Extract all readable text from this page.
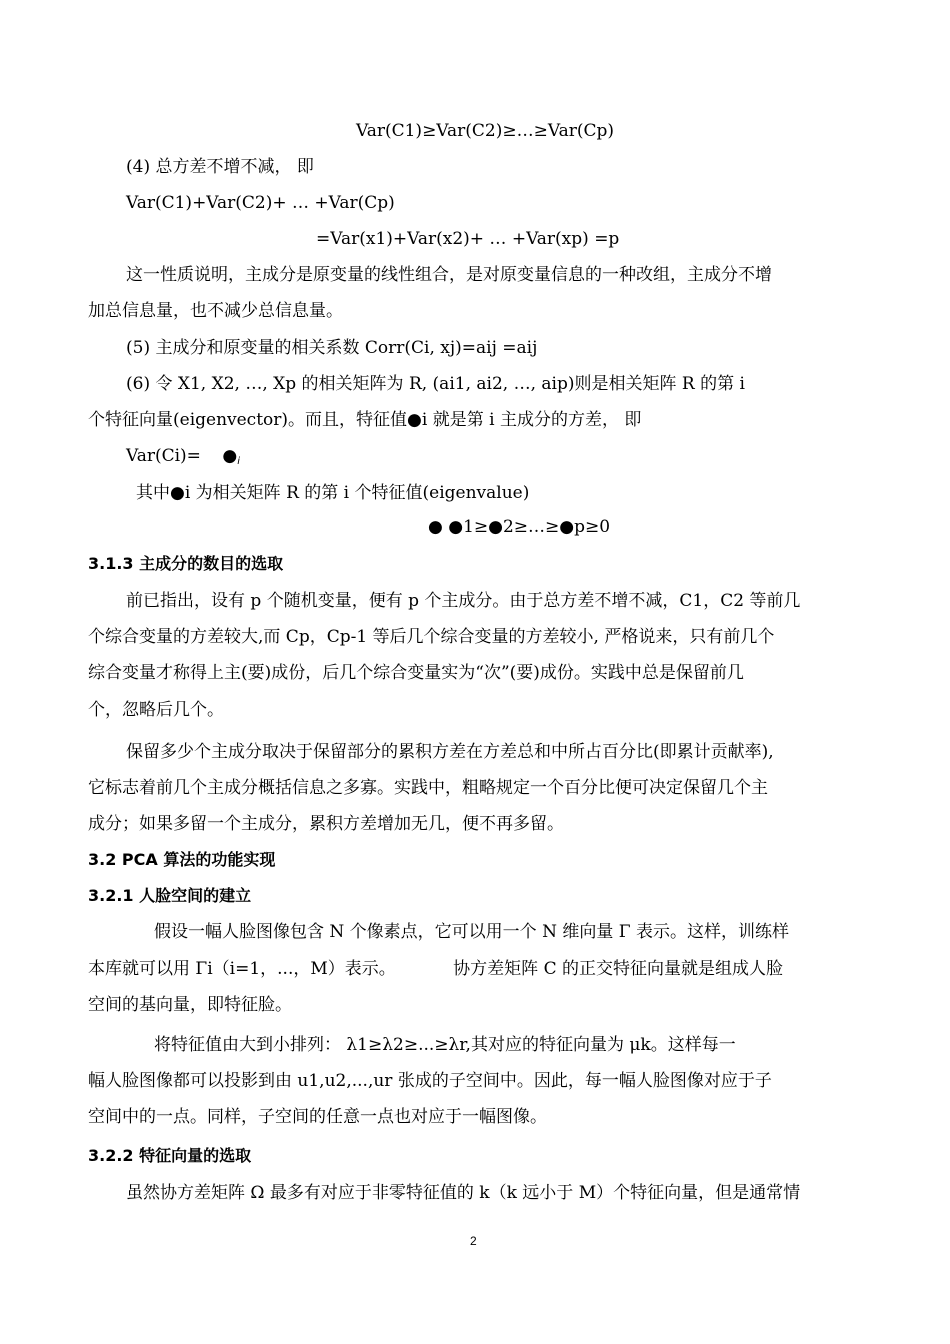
Var(C1)≥Var(C2)≥…≥Var(Cp)
(4) 总方差不增不减， 即
Var(C1)+Var(C2)+ … +Var(Cp)
=Var(x1)+Var(x2)+ … +Var(xp) =p
这一性质说明，主成分是原变量的线性组合，是对原变量信息的一种改组，主成分不增
加总信息量，也不减少总信息量。
(5) 主成分和原变量的相关系数 Corr(Ci, xj)=aij =aij
(6) 令 X1, X2, …, Xp 的相关矩阵为 R, (ai1, ai2, …, aip)则是相关矩阵 R 的第 i
个特征向量(eigenvector)。而且，特征值●i 就是第 i 主成分的方差， 即
$Var(Ci)= ●_i$
其中●i 为相关矩阵 R 的第 i 个特征值(eigenvalue)
● ●1≥●2≥…≥●p≥0
3.1.3 主成分的数目的选取
前已指出，设有 p 个随机变量，便有 p 个主成分。由于总方差不增不减，C1，C2 等前几
个综合变量的方差较大,而 Cp，Cp-1 等后几个综合变量的方差较小, 严格说来，只有前几个
综合变量才称得上主(要)成份，后几个综合变量实为“次”(要)成份。实践中总是保留前几
个，忽略后几个。
保留多少个主成分取决于保留部分的累积方差在方差总和中所占百分比(即累计贡献率),
它标志着前几个主成分概括信息之多寡。实践中，粗略规定一个百分比便可决定保留几个主
成分；如果多留一个主成分，累积方差增加无几，便不再多留。
3.2 PCA 算法的功能实现
3.2.1 人脸空间的建立
假设一幅人脸图像包含 N 个像素点，它可以用一个 N 维向量 Γ 表示。这样，训练样
本库就可以用 Γi（i=1，...，M）表示。	协方差矩阵 C 的正交特征向量就是组成人脸
空间的基向量，即特征脸。
将特征值由大到小排列： λ1≥λ2≥...≥λr,其对应的特征向量为 μk。这样每一
幅人脸图像都可以投影到由 u1,u2,...,ur 张成的子空间中。因此，每一幅人脸图像对应于子
空间中的一点。同样，子空间的任意一点也对应于一幅图像。
3.2.2 特征向量的选取
虽然协方差矩阵 Ω 最多有对应于非零特征值的 k（k 远小于 M）个特征向量，但是通常情
2
